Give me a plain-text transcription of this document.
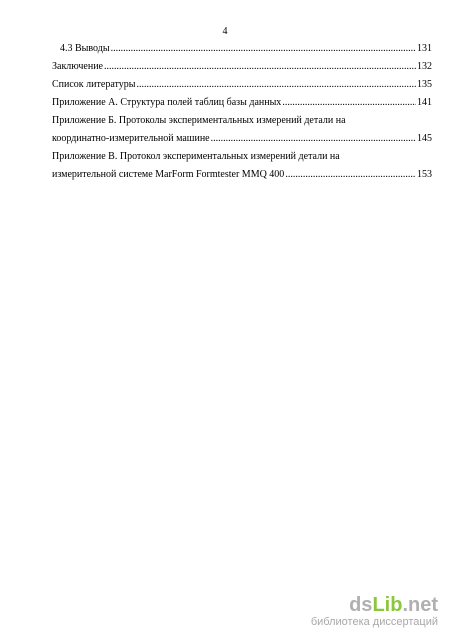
4
4.3 Выводы .....	131
Заключение .....	132
Список литературы .....	135
Приложение А. Структура полей таблиц базы данных .....	141
Приложение Б. Протоколы экспериментальных измерений детали на
координатно-измерительной машине .....	145
Приложение В. Протокол экспериментальных измерений детали на
измерительной системе MarForm Formtester MMQ 400 .....	153
dsLib.net
библиотека диссертаций
